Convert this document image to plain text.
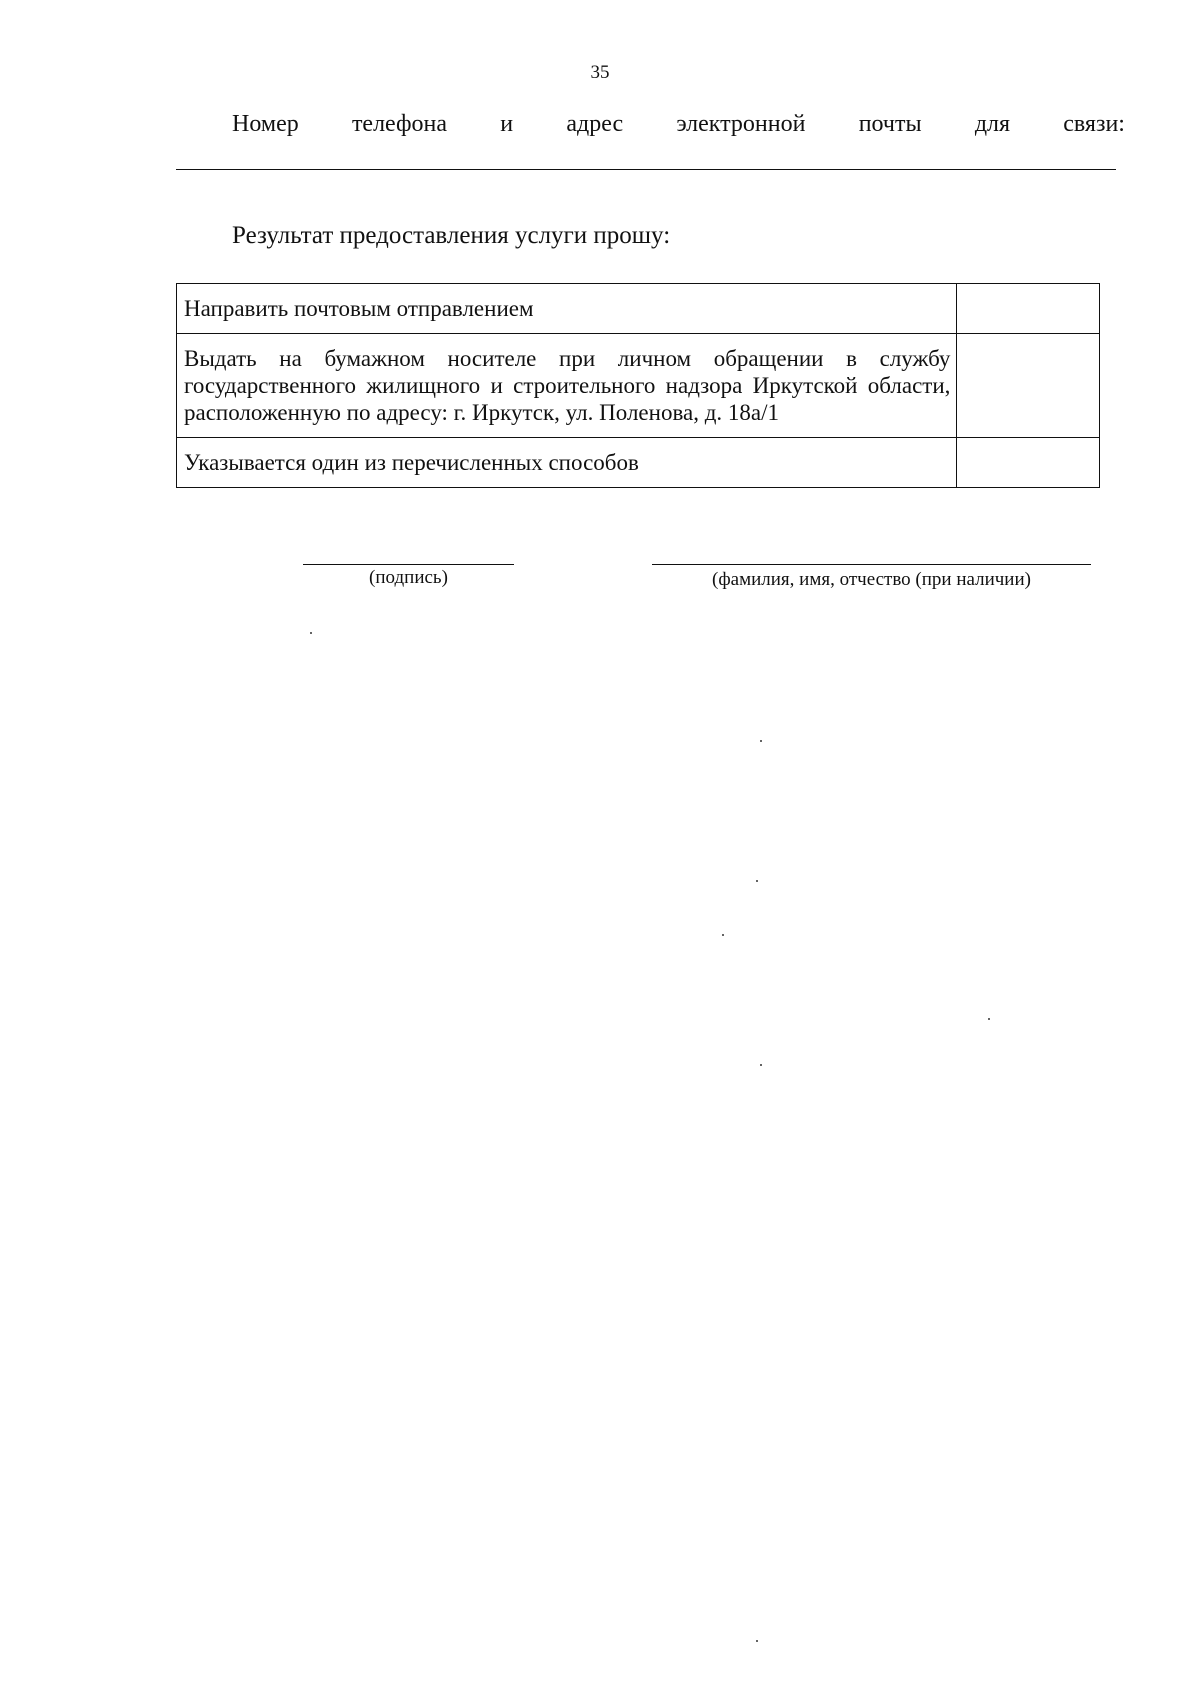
35
Номер телефона и адрес электронной почты для связи:
Результат предоставления услуги прошу:
Направить почтовым отправлением	
Выдать на бумажном носителе при личном обращении в службу государственного жилищного и строительного надзора Иркутской области, расположенную по адресу: г. Иркутск, ул. Поленова, д. 18а/1	
Указывается один из перечисленных способов	
(подпись)	(фамилия, имя, отчество (при наличии)
